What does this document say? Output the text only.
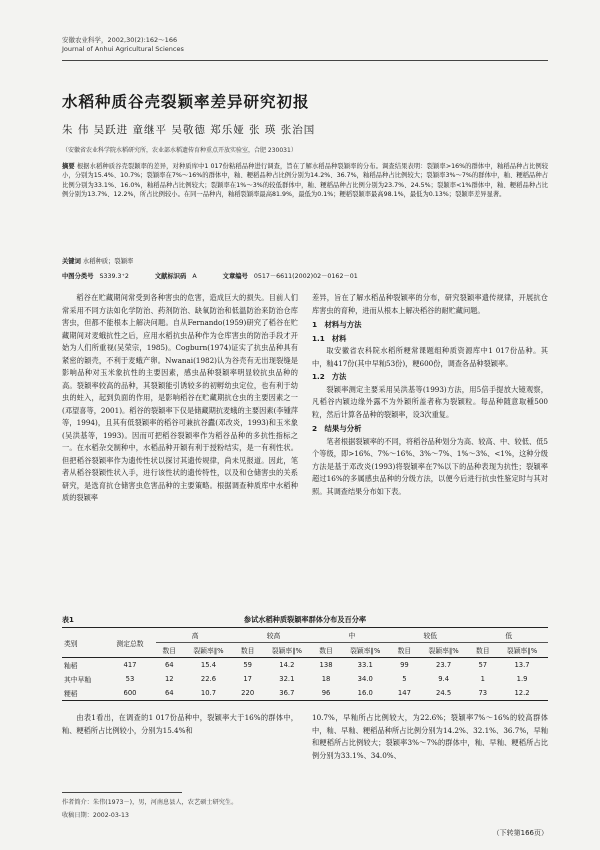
安徽农业科学，2002,30(2):162～166
Journal of Anhui Agricultural Sciences
水稻种质谷壳裂颖率差异研究初报
朱 伟 吴跃进 童继平 吴敬德 郑乐娅 张 瑛 张治国
（安徽省农业科学院水稻研究所，农业部水稻遗传育种重点开放实验室，合肥 230031）
摘要 根据水稻种质谷壳裂颖率的差异，对种质库中1 017份粘稻品种进行调查，旨在了解水稻品种裂颖率的分布。调查结果表明：裂颖率>16%的群体中，籼稻品种占比例较小，分别为15.4%、10.7%；裂颖率在7%～16%的群体中，籼、粳稻品种占比例分别为14.2%、36.7%，籼稻品种占比例较大；裂颖率3%～7%的群体中，籼、粳稻品种占比例分别为33.1%、16.0%，籼稻品种占比例较大；裂颖率在1%～3%的较低群体中，籼、粳稻品种占比例分别为23.7%、24.5%；裂颖率<1%群体中，籼、粳稻品种占比例分别为13.7%、12.2%，所占比例较小。在同一品种内，籼稻裂颖率最高81.9%，最低为0.1%；粳稻裂颖率最高98.1%，最低为0.13%；裂颖率差异显著。
关键词 水稻种质；裂颖率
中图分类号 S339.3⁺2	文献标识码 A	文章编号 0517－6611(2002)02－0162－01

稻谷在贮藏期间常受到各种害虫的危害，造成巨大的损失。目前人们常采用不同方法如化学防治、药剂防治、缺氧防治和低温防治来防治仓库害虫，但都不能根本上解决问题。自从Fernando(1959)研究了稻谷在贮藏期间对麦蛾抗性之后，应用水稻抗虫品种作为仓库害虫的防治手段才开始为人们所重视(吴荣宗，1985)。Cogburn(1974)证实了抗虫品种具有紧密的颖壳，不利于麦蛾产卵。Nwanai(1982)认为谷壳有无出现裂缝是影响品种对玉米象抗性的主要因素，感虫品种裂颖率明显较抗虫品种的高。裂颖率较高的品种，其裂颖能引诱较多的初孵幼虫定位，也有利于幼虫的蛀入，起到负面的作用，是影响稻谷在贮藏期抗仓虫的主要因素之一(邓望喜等，2001)。稻谷的裂颖率下仅是储藏期抗麦蛾的主要因素(李锺萍等，1994)，且其有低裂颖率的稻谷可兼抗谷蠹(邓改炎，1993)和玉米象(吴洪基等，1993)。因而可把稻谷裂颖率作为稻谷品种的多抗性指标之一。在水稻杂交制种中，水稻品种开颖有利于授粉结实，是一有利性状。但把稻谷裂颖率作为遗传性状以探讨其遗传规律，尚未见报道。因此，笔者从稻谷裂颖性状入手，进行该性状的遗传特性，以及和仓储害虫的关系研究，是选育抗仓储害虫危害品种的主要策略。根据调查种质库中水稻种质的裂颖率

差异，旨在了解水稻品种裂颖率的分布，研究裂颖率遗传规律，开展抗仓库害虫的育种，进而从根本上解决稻谷的耐贮藏问题。

1　材料与方法
1.1　材料

取安徽省农科院水稻所粳常课题组种质资源库中1 017份品种。其中，籼417份(其中早籼53份)，粳600份，调查各品种裂颖率。

1.2　方法

裂颖率测定主要采用吴洪基等(1993)方法，用5倍手提放大镜观察，凡稻谷内颖边缘外露不为外颖所盖者称为裂颖粒。每品种随意取種500粒，然后计算各品种的裂颖率，设3次重复。

2　结果与分析

笔者根据裂颖率的不同，将稻谷品种划分为高、较高、中、较低、低5个等级，即>16%、7%～16%、3%～7%、1%～3%、<1%，这种分级方法是基于邓改炎(1993)将裂颖率在7%以下的品种表现为抗性；裂颖率超过16%的多属感虫品种的分级方法，以便今后进行抗虫性鉴定时与其对照。其调查结果分布如下表。

表1	参试水稻种质裂颖率群体分布及百分率
类别	测定总数	高		较高		中		较低		低	
		数目	裂颖率∥%	数目	裂颖率∥%	数目	裂颖率∥%	数目	裂颖率∥%	数目	裂颖率∥%
籼稻	417	64	15.4	59	14.2	138	33.1	99	23.7	57	13.7
其中早籼	53	12	22.6	17	32.1	18	34.0	5	9.4	1	1.9
粳稻	600	64	10.7	220	36.7	96	16.0	147	24.5	73	12.2

由表1看出，在调查的1 017份品种中，裂颖率大于16%的群体中，籼、粳稻所占比例较小，分别为15.4%和

10.7%，早籼所占比例较大，为22.6%；裂颖率7%～16%的较高群体中，籼、早籼、粳稻品种所占比例分别为14.2%、32.1%、36.7%，早籼和粳稻所占比例较大；裂颖率3%～7%的群体中，籼、早籼、粳稻所占比例分别为33.1%、34.0%、

作者简介：朱伟(1973－)，男，河南息县人，农艺硕士研究生。
收稿日期：2002-03-13
（下转第166页）
